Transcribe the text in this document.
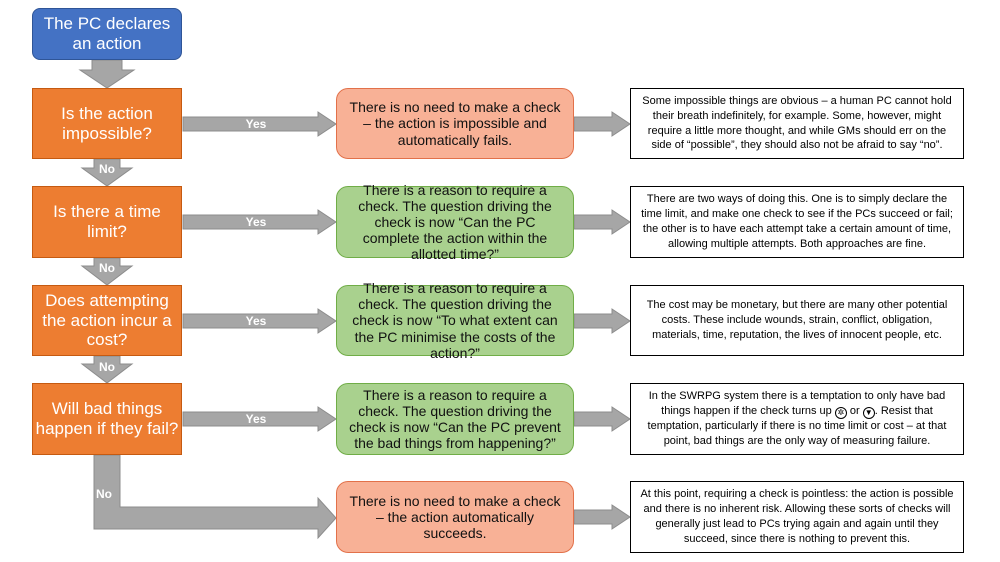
Yes
Yes
Yes
Yes
No
No
No
No
The PC declares an action
Is the action impossible?
Is there a time limit?
Does attempting the action incur a cost?
Will bad things happen if they fail?
There is no need to make a check – the action is impossible and automatically fails.
There is a reason to require a check. The question driving the check is now “Can the PC complete the action within the allotted time?”
There is a reason to require a check. The question driving the check is now “To what extent can the PC minimise the costs of the action?”
There is a reason to require a check. The question driving the check is now “Can the PC prevent the bad things from happening?”
There is no need to make a check – the action automatically succeeds.
Some impossible things are obvious – a human PC cannot hold their breath indefinitely, for example. Some, however, might require a little more thought, and while GMs should err on the side of “possible”, they should also not be afraid to say “no”.
There are two ways of doing this. One is to simply declare the time limit, and make one check to see if the PCs succeed or fail; the other is to have each attempt take a certain amount of time, allowing multiple attempts. Both approaches are fine.
The cost may be monetary, but there are many other potential costs. These include wounds, strain, conflict, obligation, materials, time, reputation, the lives of innocent people, etc.
In the SWRPG system there is a temptation to only have bad things happen if the check turns up ✲ or ▼ . Resist that temptation, particularly if there is no time limit or cost – at that point, bad things are the only way of measuring failure.
At this point, requiring a check is pointless: the action is possible and there is no inherent risk. Allowing these sorts of checks will generally just lead to PCs trying again and again until they succeed, since there is nothing to prevent this.
